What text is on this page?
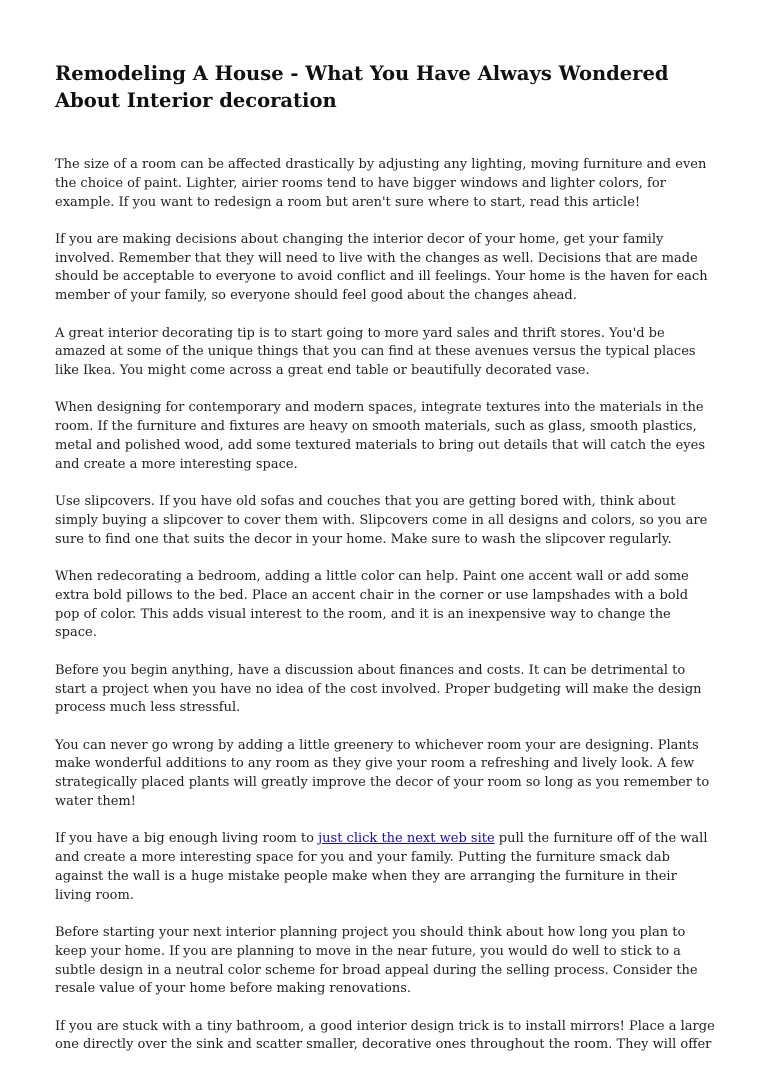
Remodeling A House - What You Have Always Wondered About Interior decoration

The size of a room can be affected drastically by adjusting any lighting, moving furniture and even the choice of paint. Lighter, airier rooms tend to have bigger windows and lighter colors, for example. If you want to redesign a room but aren't sure where to start, read this article!

If you are making decisions about changing the interior decor of your home, get your family involved. Remember that they will need to live with the changes as well. Decisions that are made should be acceptable to everyone to avoid conflict and ill feelings. Your home is the haven for each member of your family, so everyone should feel good about the changes ahead.

A great interior decorating tip is to start going to more yard sales and thrift stores. You'd be amazed at some of the unique things that you can find at these avenues versus the typical places like Ikea. You might come across a great end table or beautifully decorated vase.

When designing for contemporary and modern spaces, integrate textures into the materials in the room. If the furniture and fixtures are heavy on smooth materials, such as glass, smooth plastics, metal and polished wood, add some textured materials to bring out details that will catch the eyes and create a more interesting space.

Use slipcovers. If you have old sofas and couches that you are getting bored with, think about simply buying a slipcover to cover them with. Slipcovers come in all designs and colors, so you are sure to find one that suits the decor in your home. Make sure to wash the slipcover regularly.

When redecorating a bedroom, adding a little color can help. Paint one accent wall or add some extra bold pillows to the bed. Place an accent chair in the corner or use lampshades with a bold pop of color. This adds visual interest to the room, and it is an inexpensive way to change the space.

Before you begin anything, have a discussion about finances and costs. It can be detrimental to start a project when you have no idea of the cost involved. Proper budgeting will make the design process much less stressful.

You can never go wrong by adding a little greenery to whichever room your are designing. Plants make wonderful additions to any room as they give your room a refreshing and lively look. A few strategically placed plants will greatly improve the decor of your room so long as you remember to water them!

If you have a big enough living room to just click the next web site pull the furniture off of the wall and create a more interesting space for you and your family. Putting the furniture smack dab against the wall is a huge mistake people make when they are arranging the furniture in their living room.

Before starting your next interior planning project you should think about how long you plan to keep your home. If you are planning to move in the near future, you would do well to stick to a subtle design in a neutral color scheme for broad appeal during the selling process. Consider the resale value of your home before making renovations.

If you are stuck with a tiny bathroom, a good interior design trick is to install mirrors! Place a large one directly over the sink and scatter smaller, decorative ones throughout the room. They will offer
